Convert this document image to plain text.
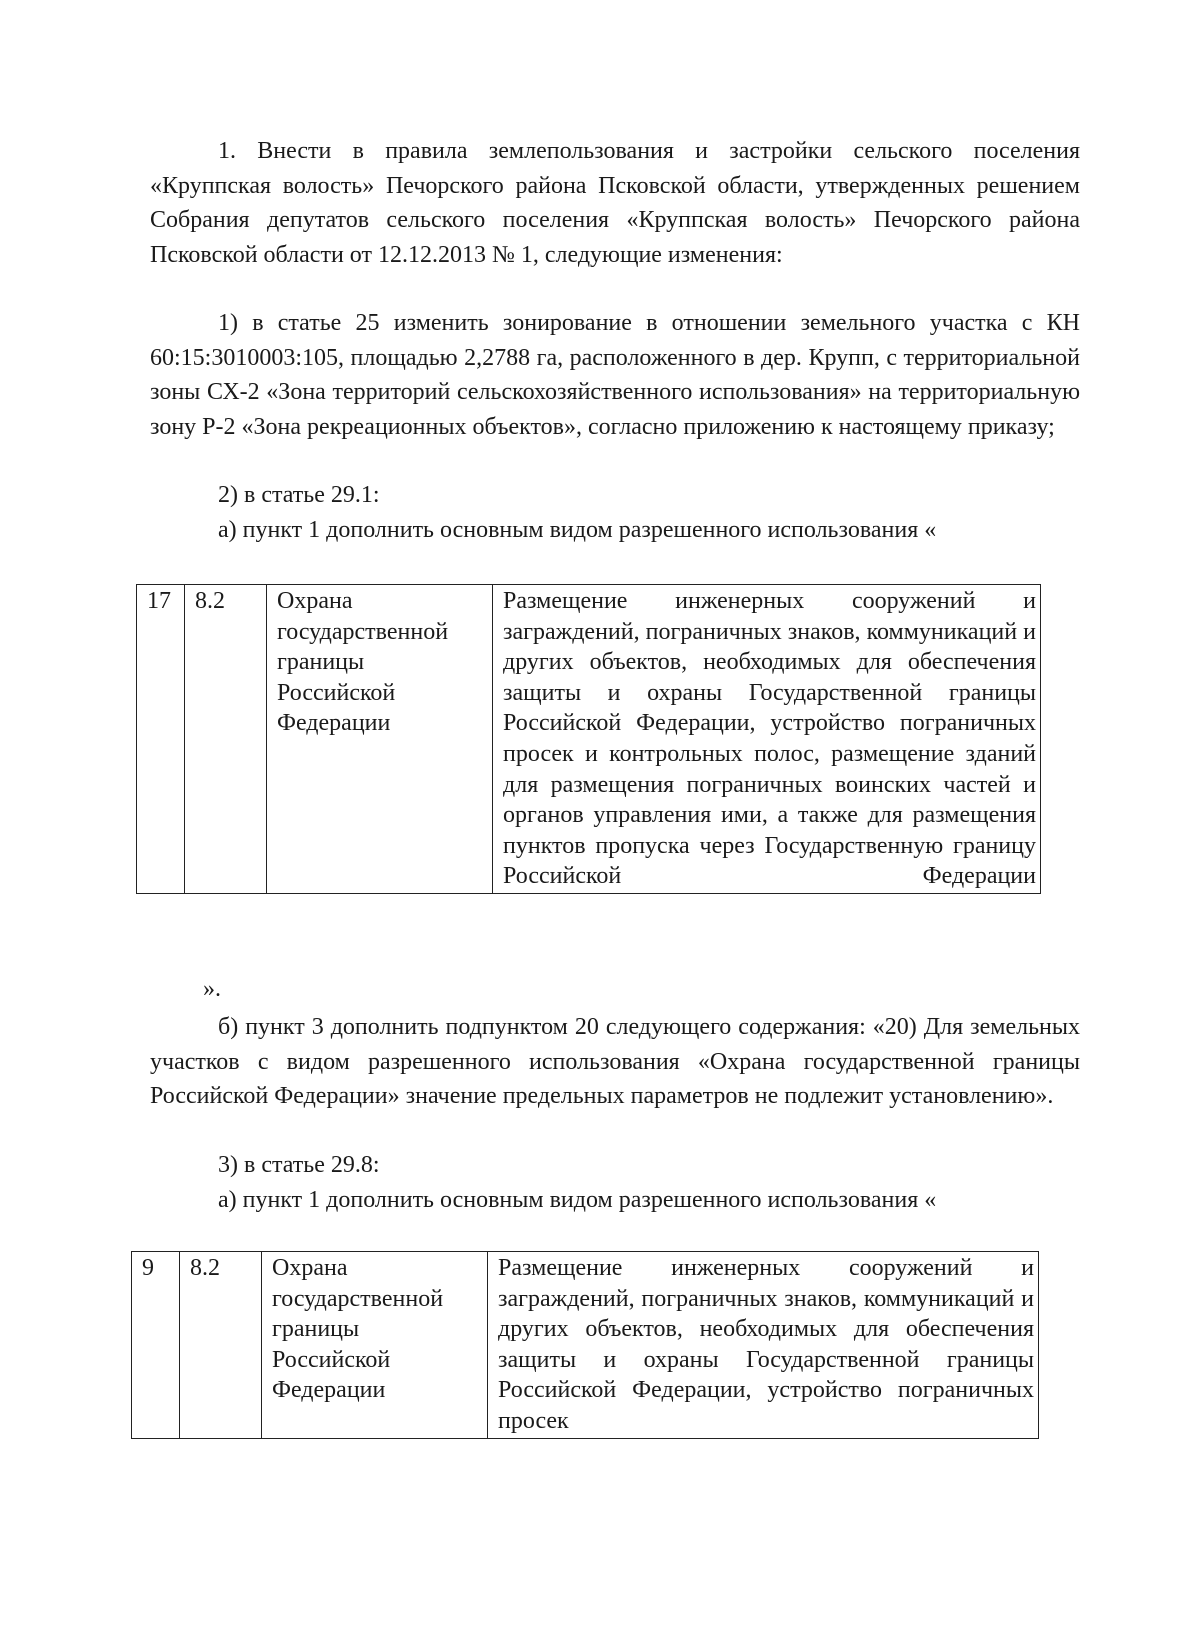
1. Внести в правила землепользования и застройки сельского поселения «Круппская волость» Печорского района Псковской области, утвержденных решением Собрания депутатов сельского поселения «Круппская волость» Печорского района Псковской области от 12.12.2013 № 1, следующие изменения:

1) в статье 25 изменить зонирование в отношении земельного участка с КН 60:15:3010003:105, площадью 2,2788 га, расположенного в дер. Крупп, с территориальной зоны СХ-2 «Зона территорий сельскохозяйственного использования» на территориальную зону Р-2 «Зона рекреационных объектов», согласно приложению к настоящему приказу;

2) в статье 29.1:

а) пункт 1 дополнить основным видом разрешенного использования «

17	8.2	Охрана государственной границы Российской Федерации	Размещение инженерных сооружений и заграждений, пограничных знаков, коммуникаций и других объектов, необходимых для обеспечения защиты и охраны Государственной границы Российской Федерации, устройство пограничных просек и контрольных полос, размещение зданий для размещения пограничных воинских частей и органов управления ими, а также для размещения пунктов пропуска через Государственную границу Российской Федерации

».

б) пункт 3 дополнить подпунктом 20 следующего содержания: «20) Для земельных участков с видом разрешенного использования «Охрана государственной границы Российской Федерации» значение предельных параметров не подлежит установлению».

3) в статье 29.8:

а) пункт 1 дополнить основным видом разрешенного использования «

9	8.2	Охрана государственной границы Российской Федерации	Размещение инженерных сооружений и заграждений, пограничных знаков, коммуникаций и других объектов, необходимых для обеспечения защиты и охраны Государственной границы Российской Федерации, устройство пограничных просек
